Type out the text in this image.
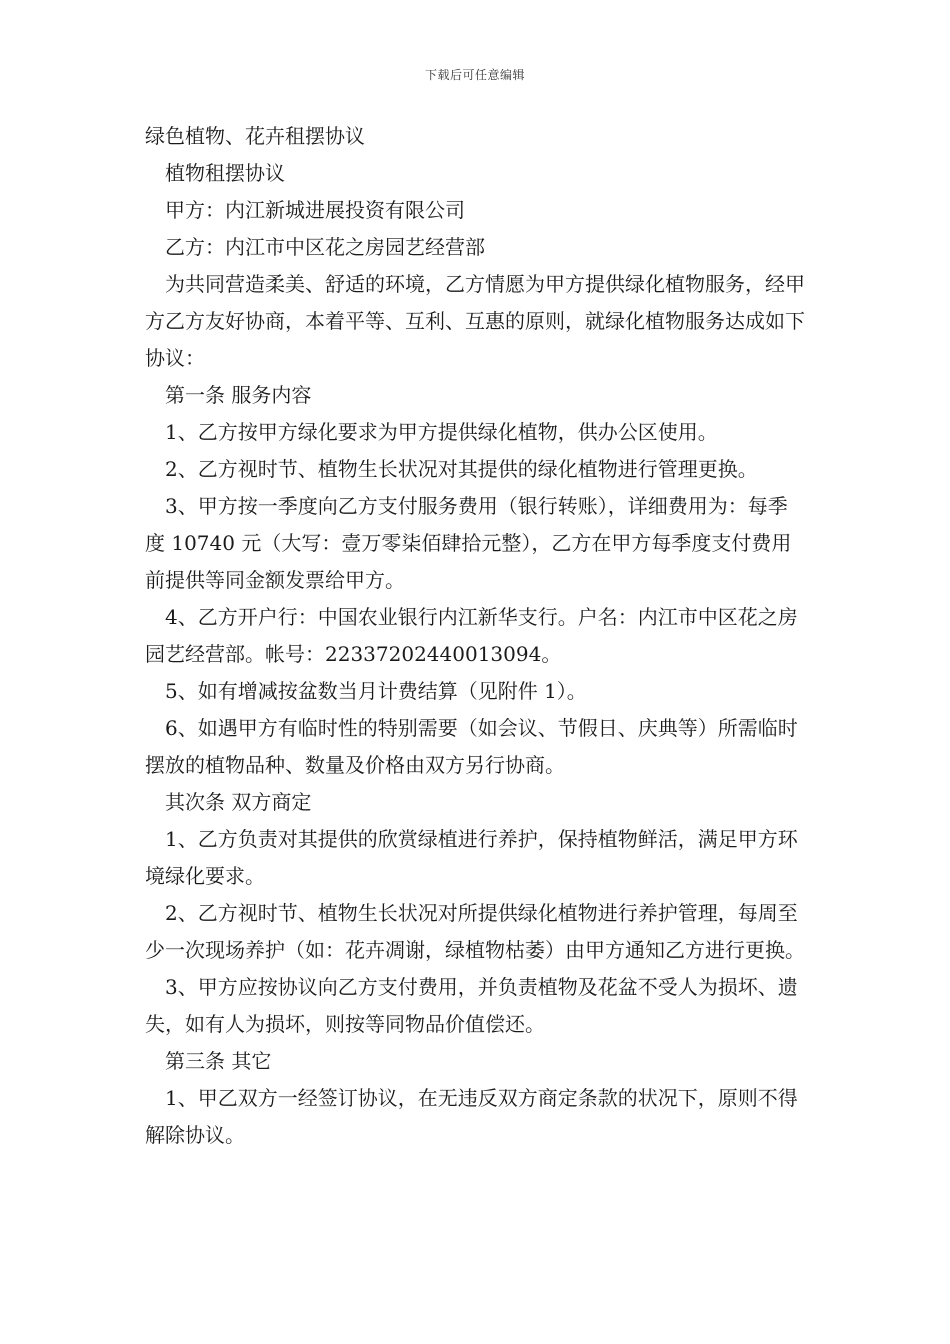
下载后可任意编辑

绿色植物、花卉租摆协议

植物租摆协议

甲方：内江新城进展投资有限公司

乙方：内江市中区花之房园艺经营部

为共同营造柔美、舒适的环境，乙方情愿为甲方提供绿化植物服务，经甲方乙方友好协商，本着平等、互利、互惠的原则，就绿化植物服务达成如下协议：

第一条 服务内容

1、乙方按甲方绿化要求为甲方提供绿化植物，供办公区使用。

2、乙方视时节、植物生长状况对其提供的绿化植物进行管理更换。

3、甲方按一季度向乙方支付服务费用（银行转账），详细费用为：每季度 10740 元（大写：壹万零柒佰肆拾元整），乙方在甲方每季度支付费用前提供等同金额发票给甲方。

4、乙方开户行：中国农业银行内江新华支行。户名：内江市中区花之房园艺经营部。帐号：22337202440013094。

5、如有增减按盆数当月计费结算（见附件 1）。

6、如遇甲方有临时性的特别需要（如会议、节假日、庆典等）所需临时摆放的植物品种、数量及价格由双方另行协商。

其次条 双方商定

1、乙方负责对其提供的欣赏绿植进行养护，保持植物鲜活，满足甲方环境绿化要求。

2、乙方视时节、植物生长状况对所提供绿化植物进行养护管理，每周至少一次现场养护（如：花卉凋谢，绿植物枯萎）由甲方通知乙方进行更换。

3、甲方应按协议向乙方支付费用，并负责植物及花盆不受人为损坏、遗失，如有人为损坏，则按等同物品价值偿还。

第三条 其它

1、甲乙双方一经签订协议，在无违反双方商定条款的状况下，原则不得解除协议。
